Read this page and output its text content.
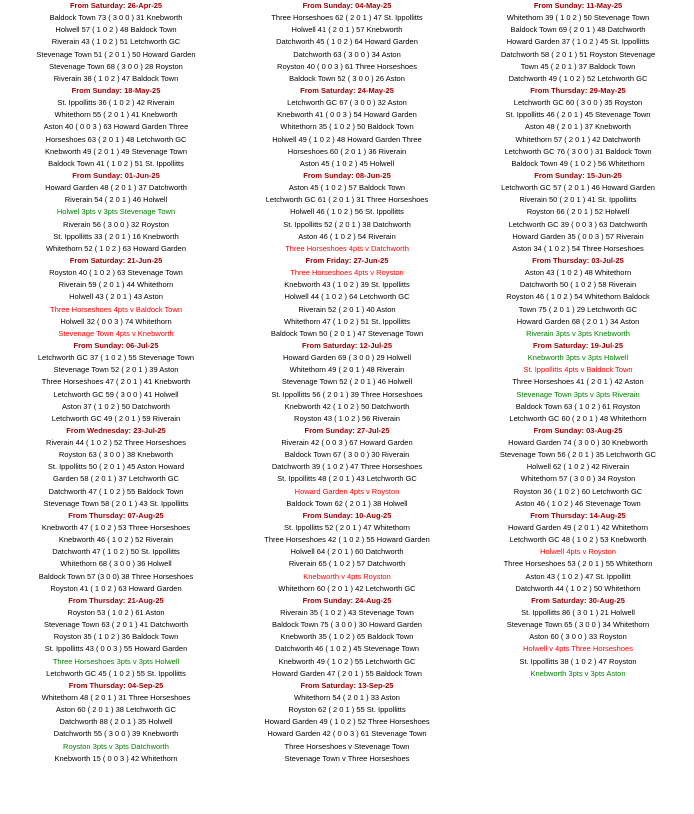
From Saturday: 26-Apr-25
Baldock Town 73 ( 3 0 0 ) 31 Knebworth
Holwell 57 ( 1 0 2 ) 48 Baldock Town
Riverain 43 ( 1 0 2 ) 51 Letchworth GC
Stevenage Town 51 ( 2 0 1 ) 50 Howard Garden
Stevenage Town 68 ( 3 0 0 ) 28 Royston
Riverain 38 ( 1 0 2 ) 47 Baldock Town
From Sunday: 18-May-25
St. Ippollitts 36 ( 1 0 2 ) 42 Riverain
Whitethorn 55 ( 2 0 1 ) 41 Knebworth
Aston 40 ( 0 0 3 ) 63 Howard Garden Three
Horseshoes 63 ( 2 0 1 ) 48 Letchworth GC
Knebworth 49 ( 2 0 1 ) 49 Stevenage Town
Baldock Town 41 ( 1 0 2 ) 51 St. Ippollitts
From Sunday: 01-Jun-25
Howard Garden 48 ( 2 0 1 ) 37 Datchworth
Riverain 54 ( 2 0 1 ) 46 Holwell
Holwel 3pts v 3pts Stevenage Town
Riverain 56 ( 3 0 0 ) 32 Royston
St. Ippollitts 33 ( 2 0 1 ) 16 Knebworth
Whitethorn 52 ( 1 0 2 ) 63 Howard Garden
From Saturday: 21-Jun-25
Royston 40 ( 1 0 2 ) 63 Stevenage Town
Riverain 59 ( 2 0 1 ) 44 Whitethorn
Holwell 43 ( 2 0 1 ) 43 Aston
Three Horseshoes 4pts v Baldock Town
Holwell 32 ( 0 0 3 ) 74 Whitethorn
Stevenage Town 4pts v Knebworth
From Sunday: 06-Jul-25
Letchworth GC 37 ( 1 0 2 ) 55 Stevenage Town
Stevenage Town 52 ( 2 0 1 ) 39 Aston
Three Horseshoes 47 ( 2 0 1 ) 41 Knebworth
Letchworth GC 59 ( 3 0 0 ) 41 Holwell
Aston 37 ( 1 0 2 ) 50 Datchworth
Letchworth GC 49 ( 2 0 1 ) 59 Riverain
From Wednesday: 23-Jul-25
Riverain 44 ( 1 0 2 ) 52 Three Horseshoes
Royston 63 ( 3 0 0 ) 38 Knebworth
St. Ippollitts 50 ( 2 0 1 ) 45 Aston Howard
Garden 58 ( 2 0 1 ) 37 Letchworth GC
Datchworth 47 ( 1 0 2 ) 55 Baldock Town
Stevenage Town 58 ( 2 0 1 ) 43 St. Ippollitts
From Thursday: 07-Aug-25
Knebworth 47 ( 1 0 2 ) 53 Three Horseshoes
Knebworth 46 ( 1 0 2 ) 52 Riverain
Datchworth 47 ( 1 0 2 ) 50 St. Ippollitts
Whitethorn 68 ( 3 0 0 ) 36 Holwell
Baldock Town 57 (3 0 0) 38 Three Horseshoes
Royston 41 ( 1 0 2 ) 63 Howard Garden
From Thursday: 21-Aug-25
Royston 53 ( 1 0 2 ) 61 Aston
Stevenage Town 63 ( 2 0 1 ) 41 Datchworth
Royston 35 ( 1 0 2 ) 36 Baldock Town
St. Ippollitts 43 ( 0 0 3 ) 55 Howard Garden
Three Horseshoes 3pts v 3pts Holwell
Letchworth GC 45 ( 1 0 2 ) 55 St. Ippollitts
From Thursday: 04-Sep-25
Whitethorn 48 ( 2 0 1 ) 31 Three Horseshoes
Aston 60 ( 2 0 1 ) 38 Letchworth GC
Datchworth 88 ( 2 0 1 ) 35 Holwell
Datchworth 55 ( 3 0 0 ) 39 Knebworth
Royston 3pts v 3pts Datchworth
Knebworth 15 ( 0 0 3 ) 42 Whitethorn
From Sunday: 04-May-25
Three Horseshoes 62 ( 2 0 1 ) 47 St. Ippollitts
Holwell 41 ( 2 0 1 ) 57 Knebworth
Datchworth 45 ( 1 0 2 ) 64 Howard Garden
Datchworth 63 ( 3 0 0 ) 34 Aston
Royston 40 ( 0 0 3 ) 61 Three Horseshoes
Baldock Town 52 ( 3 0 0 ) 26 Aston
From Saturday: 24-May-25
Letchworth GC 67 ( 3 0 0 ) 32 Aston
Knebworth 41 ( 0 0 3 ) 54 Howard Garden
Whitethorn 35 ( 1 0 2 ) 50 Baldock Town
Holwell 49 ( 1 0 2 ) 48 Howard Garden Three
Horseshoes 60 ( 2 0 1 ) 36 Riverain
Aston 45 ( 1 0 2 ) 45 Holwell
From Sunday: 08-Jun-25
Aston 45 ( 1 0 2 ) 57 Baldock Town
Letchworth GC 61 ( 2 0 1 ) 31 Three Horseshoes
Holwell 46 ( 1 0 2 ) 56 St. Ippollitts
St. Ippollitts 52 ( 2 0 1 ) 38 Datchworth
Aston 46 ( 1 0 2 ) 54 Riverain
Three Horseshoes 4pts v Datchworth
From Friday: 27-Jun-25
Three Horseshoes 4pts v Royston
Knebworth 43 ( 1 0 2 ) 39 St. Ippollitts
Holwell 44 ( 1 0 2 ) 64 Letchworth GC
Riverain 52 ( 2 0 1 ) 40 Aston
Whitethorn 47 ( 1 0 2 ) 51 St. Ippollitts
Baldock Town 50 ( 2 0 1 ) 47 Stevenage Town
From Saturday: 12-Jul-25
Howard Garden 69 ( 3 0 0 ) 29 Holwell
Whitethorn 49 ( 2 0 1 ) 48 Riverain
Stevenage Town 52 ( 2 0 1 ) 46 Holwell
St. Ippollitts 56 ( 2 0 1 ) 39 Three Horseshoes
Knebworth 42 ( 1 0 2 ) 50 Datchworth
Royston 43 ( 1 0 2 ) 56 Riverain
From Sunday: 27-Jul-25
Riverain 42 ( 0 0 3 ) 67 Howard Garden
Baldock Town 67 ( 3 0 0 ) 30 Riverain
Datchworth 39 ( 1 0 2 ) 47 Three Horseshoes
St. Ippollitts 48 ( 2 0 1 ) 43 Letchworth GC
Howard Garden 4pts v Royston
Baldock Town 62 ( 2 0 1 ) 38 Holwell
From Sunday: 10-Aug-25
St. Ippollitts 52 ( 2 0 1 ) 47 Whitethorn
Three Horseshoes 42 ( 1 0 2 ) 55 Howard Garden
Holwell 64 ( 2 0 1 ) 60 Datchworth
Riverain 65 ( 1 0 2 ) 57 Datchworth
Knebworth v 4pts Royston
Whitethorn 60 ( 2 0 1 ) 42 Letchworth GC
From Sunday: 24-Aug-25
Riverain 35 ( 1 0 2 ) 43 Stevenage Town
Baldock Town 75 ( 3 0 0 ) 30 Howard Garden
Knebworth 35 ( 1 0 2 ) 65 Baldock Town
Datchworth 46 ( 1 0 2 ) 45 Stevenage Town
Knebworth 49 ( 1 0 2 ) 55 Letchworth GC
Howard Garden 47 ( 2 0 1 ) 55 Baldock Town
From Saturday: 13-Sep-25
Whitethorn 54 ( 2 0 1 ) 33 Aston
Royston 62 ( 2 0 1 ) 55 St. Ippollitts
Howard Garden 49 ( 1 0 2 ) 52 Three Horseshoes
Howard Garden 42 ( 0 0 3 ) 61 Stevenage Town
Three Horseshoes v Stevenage Town
Stevenage Town v Three Horseshoes
From Sunday: 11-May-25
Whitethorn 39 ( 1 0 2 ) 50 Stevenage Town
Baldock Town 69 ( 2 0 1 ) 48 Datchworth
Howard Garden 37 ( 1 0 2 ) 45 St. Ippollitts
Datchworth 58 ( 2 0 1 ) 51 Royston Stevenage
Town 45 ( 2 0 1 ) 37 Baldock Town
Datchworth 49 ( 1 0 2 ) 52 Letchworth GC
From Thursday: 29-May-25
Letchworth GC 60 ( 3 0 0 ) 35 Royston
St. Ippollitts 46 ( 2 0 1 ) 45 Stevenage Town
Aston 48 ( 2 0 1 ) 37 Knebworth
Whitethorn 57 ( 2 0 1 ) 42 Datchworth
Letchworth GC 76 ( 3 0 0 ) 31 Baldock Town
Baldock Town 49 ( 1 0 2 ) 56 Whitethorn
From Sunday: 15-Jun-25
Letchworth GC 57 ( 2 0 1 ) 46 Howard Garden
Riverain 50 ( 2 0 1 ) 41 St. Ippollitts
Royston 66 ( 2 0 1 ) 52 Holwell
Letchworth GC 39 ( 0 0 3 ) 63 Datchworth
Howard Garden 35 ( 0 0 3 ) 57 Riverain
Aston 34 ( 1 0 2 ) 54 Three Horseshoes
From Thursday: 03-Jul-25
Aston 43 ( 1 0 2 ) 48 Whitethorn
Datchworth 50 ( 1 0 2 ) 58 Riverain
Royston 46 ( 1 0 2 ) 54 Whitethorn Baldock
Town 75 ( 2 0 1 ) 29 Letchworth GC
Howard Garden 68 ( 2 0 1 ) 34 Aston
Riverain 3pts v 3pts Knebworth
From Saturday: 19-Jul-25
Knebworth 3pts v 3pts Holwell
St. Ippollitts 4pts v Baldock Town
Three Horseshoes 41 ( 2 0 1 ) 42 Aston
Stevenage Town 3pts v 3pts Riverain
Baldock Town 63 ( 1 0 2 ) 61 Royston
Letchworth GC 60 ( 2 0 1 ) 48 Whitethorn
From Sunday: 03-Aug-25
Howard Garden 74 ( 3 0 0 ) 30 Knebworth
Stevenage Town 56 ( 2 0 1 ) 35 Letchworth GC
Holwell 62 ( 1 0 2 ) 42 Riverain
Whitethorn 57 ( 3 0 0 ) 34 Royston
Royston 36 ( 1 0 2 ) 60 Letchworth GC
Aston 46 ( 1 0 2 ) 46 Stevenage Town
From Thursday: 14-Aug-25
Howard Garden 49 ( 2 0 1 ) 42 Whitethorn
Letchworth GC 48 ( 1 0 2 ) 53 Knebworth
Holwell 4pts v Royston
Three Horseshoes 53 ( 2 0 1 ) 55 Whitethorn
Aston 43 ( 1 0 2 ) 47 St. Ippollitt
Datchworth 44 ( 1 0 2 ) 50 Whitethorn
From Saturday: 30-Aug-25
St. Ippollitts 86 ( 3 0 1 ) 21 Holwell
Stevenage Town 65 ( 3 0 0 ) 34 Whitethorn
Aston 60 ( 3 0 0 ) 33 Royston
Holwell v 4pts Three Horseshoes
St. Ippollitts 38 ( 1 0 2 ) 47 Royston
Knebworth 3pts v 3pts Aston
